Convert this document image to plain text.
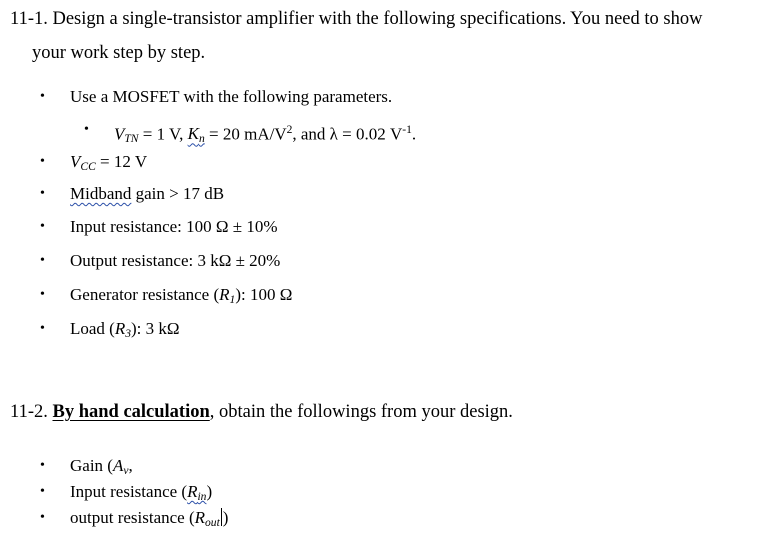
11-1. Design a single-transistor amplifier with the following specifications. You need to show

your work step by step.
• Use a MOSFET with the following parameters.
• $V_{TN} = 1$ V, $K_n = 20$ $mA/V^2$, and λ = 0.02 $V^{-1}$.
• $V_{CC} = 12$ V
• Midband gain > 17 dB
• Input resistance: 100 Ω ± 10%
• Output resistance: 3 kΩ ± 20%
• Generator resistance $(R_1)$: 100 Ω
• Load $(R_3)$: 3 kΩ
11-2. By hand calculation, obtain the followings from your design.
• Gain ($A_v$,
• Input resistance $(R_{in})$
• output resistance ($R_{out}$ )
